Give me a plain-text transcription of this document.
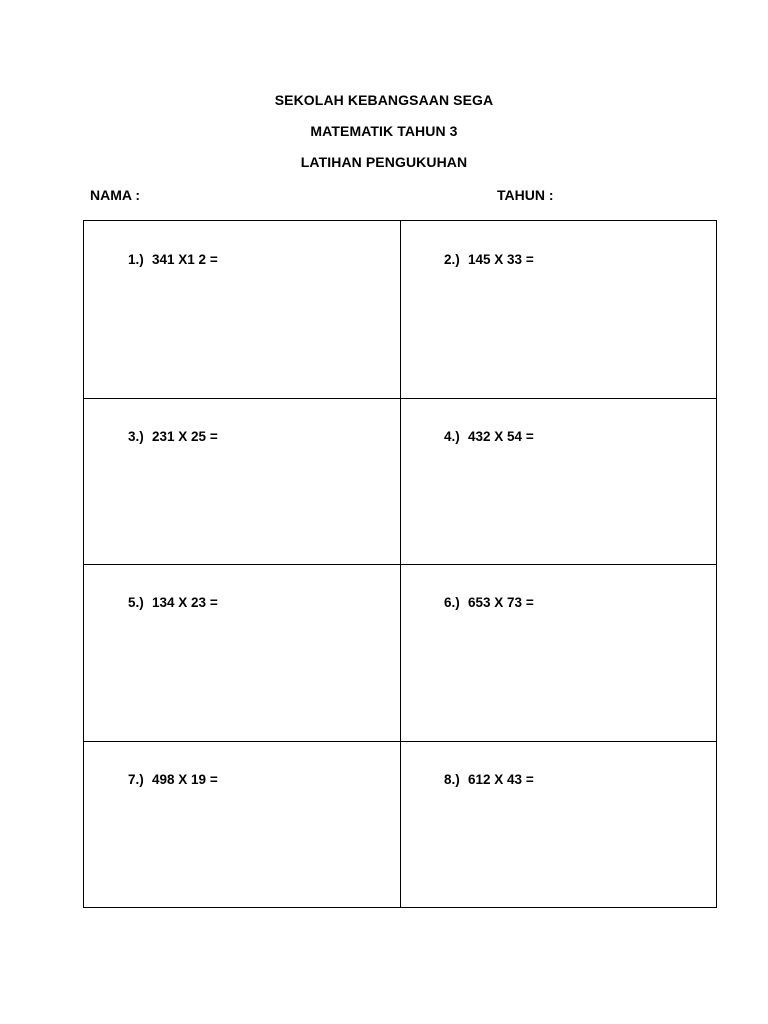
SEKOLAH KEBANGSAAN SEGA
MATEMATIK TAHUN 3
LATIHAN PENGUKUHAN
NAMA :	TAHUN :

1.) 341 X1 2 =
	2.) 145 X 33 =

3.) 231 X 25 =
	4.) 432 X 54 =

5.) 134 X 23 =
	6.) 653 X 73 =

7.) 498 X 19 =
	8.) 612 X 43 =
